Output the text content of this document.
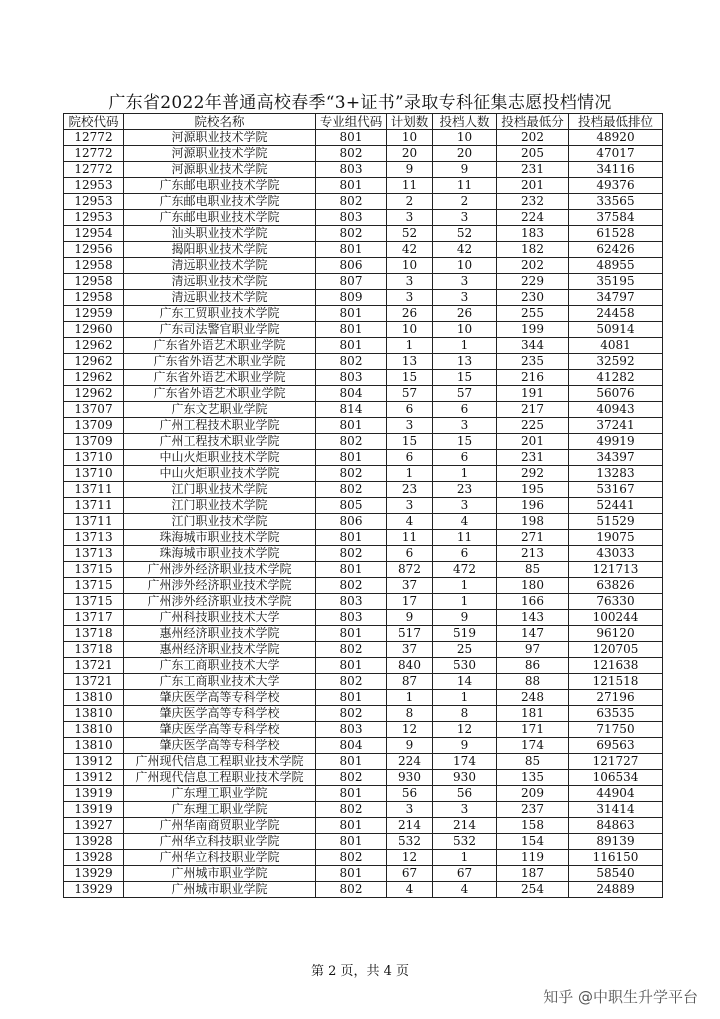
广东省2022年普通高校春季“3+证书”录取专科征集志愿投档情况
院校代码	院校名称	专业组代码	计划数	投档人数	投档最低分	投档最低排位
12772	河源职业技术学院	801	10	10	202	48920
12772	河源职业技术学院	802	20	20	205	47017
12772	河源职业技术学院	803	9	9	231	34116
12953	广东邮电职业技术学院	801	11	11	201	49376
12953	广东邮电职业技术学院	802	2	2	232	33565
12953	广东邮电职业技术学院	803	3	3	224	37584
12954	汕头职业技术学院	802	52	52	183	61528
12956	揭阳职业技术学院	801	42	42	182	62426
12958	清远职业技术学院	806	10	10	202	48955
12958	清远职业技术学院	807	3	3	229	35195
12958	清远职业技术学院	809	3	3	230	34797
12959	广东工贸职业技术学院	801	26	26	255	24458
12960	广东司法警官职业学院	801	10	10	199	50914
12962	广东省外语艺术职业学院	801	1	1	344	4081
12962	广东省外语艺术职业学院	802	13	13	235	32592
12962	广东省外语艺术职业学院	803	15	15	216	41282
12962	广东省外语艺术职业学院	804	57	57	191	56076
13707	广东文艺职业学院	814	6	6	217	40943
13709	广州工程技术职业学院	801	3	3	225	37241
13709	广州工程技术职业学院	802	15	15	201	49919
13710	中山火炬职业技术学院	801	6	6	231	34397
13710	中山火炬职业技术学院	802	1	1	292	13283
13711	江门职业技术学院	802	23	23	195	53167
13711	江门职业技术学院	805	3	3	196	52441
13711	江门职业技术学院	806	4	4	198	51529
13713	珠海城市职业技术学院	801	11	11	271	19075
13713	珠海城市职业技术学院	802	6	6	213	43033
13715	广州涉外经济职业技术学院	801	872	472	85	121713
13715	广州涉外经济职业技术学院	802	37	1	180	63826
13715	广州涉外经济职业技术学院	803	17	1	166	76330
13717	广州科技职业技术大学	803	9	9	143	100244
13718	惠州经济职业技术学院	801	517	519	147	96120
13718	惠州经济职业技术学院	802	37	25	97	120705
13721	广东工商职业技术大学	801	840	530	86	121638
13721	广东工商职业技术大学	802	87	14	88	121518
13810	肇庆医学高等专科学校	801	1	1	248	27196
13810	肇庆医学高等专科学校	802	8	8	181	63535
13810	肇庆医学高等专科学校	803	12	12	171	71750
13810	肇庆医学高等专科学校	804	9	9	174	69563
13912	广州现代信息工程职业技术学院	801	224	174	85	121727
13912	广州现代信息工程职业技术学院	802	930	930	135	106534
13919	广东理工职业学院	801	56	56	209	44904
13919	广东理工职业学院	802	3	3	237	31414
13927	广州华南商贸职业学院	801	214	214	158	84863
13928	广州华立科技职业学院	801	532	532	154	89139
13928	广州华立科技职业学院	802	12	1	119	116150
13929	广州城市职业学院	801	67	67	187	58540
13929	广州城市职业学院	802	4	4	254	24889
第 2 页，共 4 页
知乎 @中职生升学平台
